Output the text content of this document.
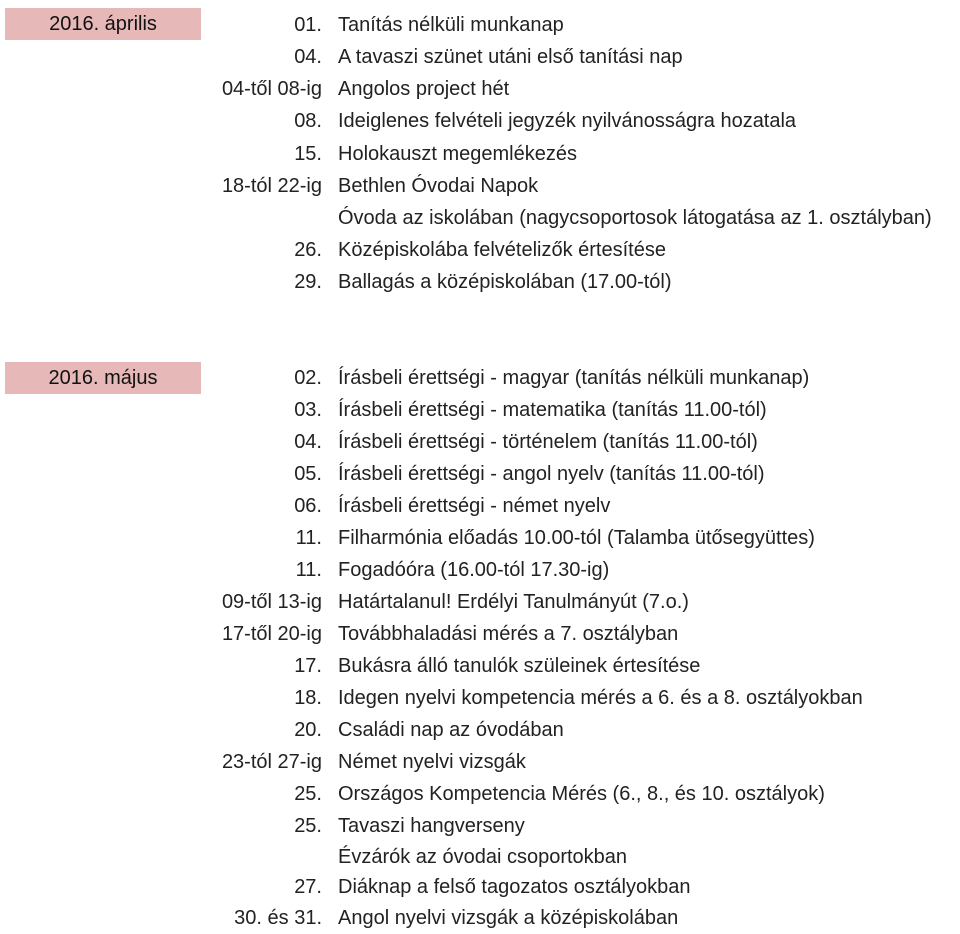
2016. április	01. Tanítás nélküli munkanap
04. A tavaszi szünet utáni első tanítási nap
04-től 08-ig Angolos project hét
08. Ideiglenes felvételi jegyzék nyilvánosságra hozatala
15. Holokauszt megemlékezés
18-tól 22-ig Bethlen Óvodai Napok
Óvoda az iskolában (nagycsoportosok látogatása az 1. osztályban)
26. Középiskolába felvételizők értesítése
29. Ballagás a középiskolában (17.00-tól)
2016. május	02. Írásbeli érettségi - magyar (tanítás nélküli munkanap)
03. Írásbeli érettségi - matematika (tanítás 11.00-tól)
04. Írásbeli érettségi - történelem (tanítás 11.00-tól)
05. Írásbeli érettségi - angol nyelv (tanítás 11.00-tól)
06. Írásbeli érettségi - német nyelv
11. Filharmónia előadás 10.00-tól (Talamba ütősegyüttes)
11. Fogadóóra (16.00-tól 17.30-ig)
09-től 13-ig Határtalanul! Erdélyi Tanulmányút (7.o.)
17-től 20-ig Továbbhaladási mérés a 7. osztályban
17. Bukásra álló tanulók szüleinek értesítése
18. Idegen nyelvi kompetencia mérés a 6. és a 8. osztályokban
20. Családi nap az óvodában
23-tól 27-ig Német nyelvi vizsgák
25. Országos Kompetencia Mérés (6., 8., és 10. osztályok)
25. Tavaszi hangverseny
Évzárók az óvodai csoportokban
27. Diáknap a felső tagozatos osztályokban
30. és 31. Angol nyelvi vizsgák a középiskolában
